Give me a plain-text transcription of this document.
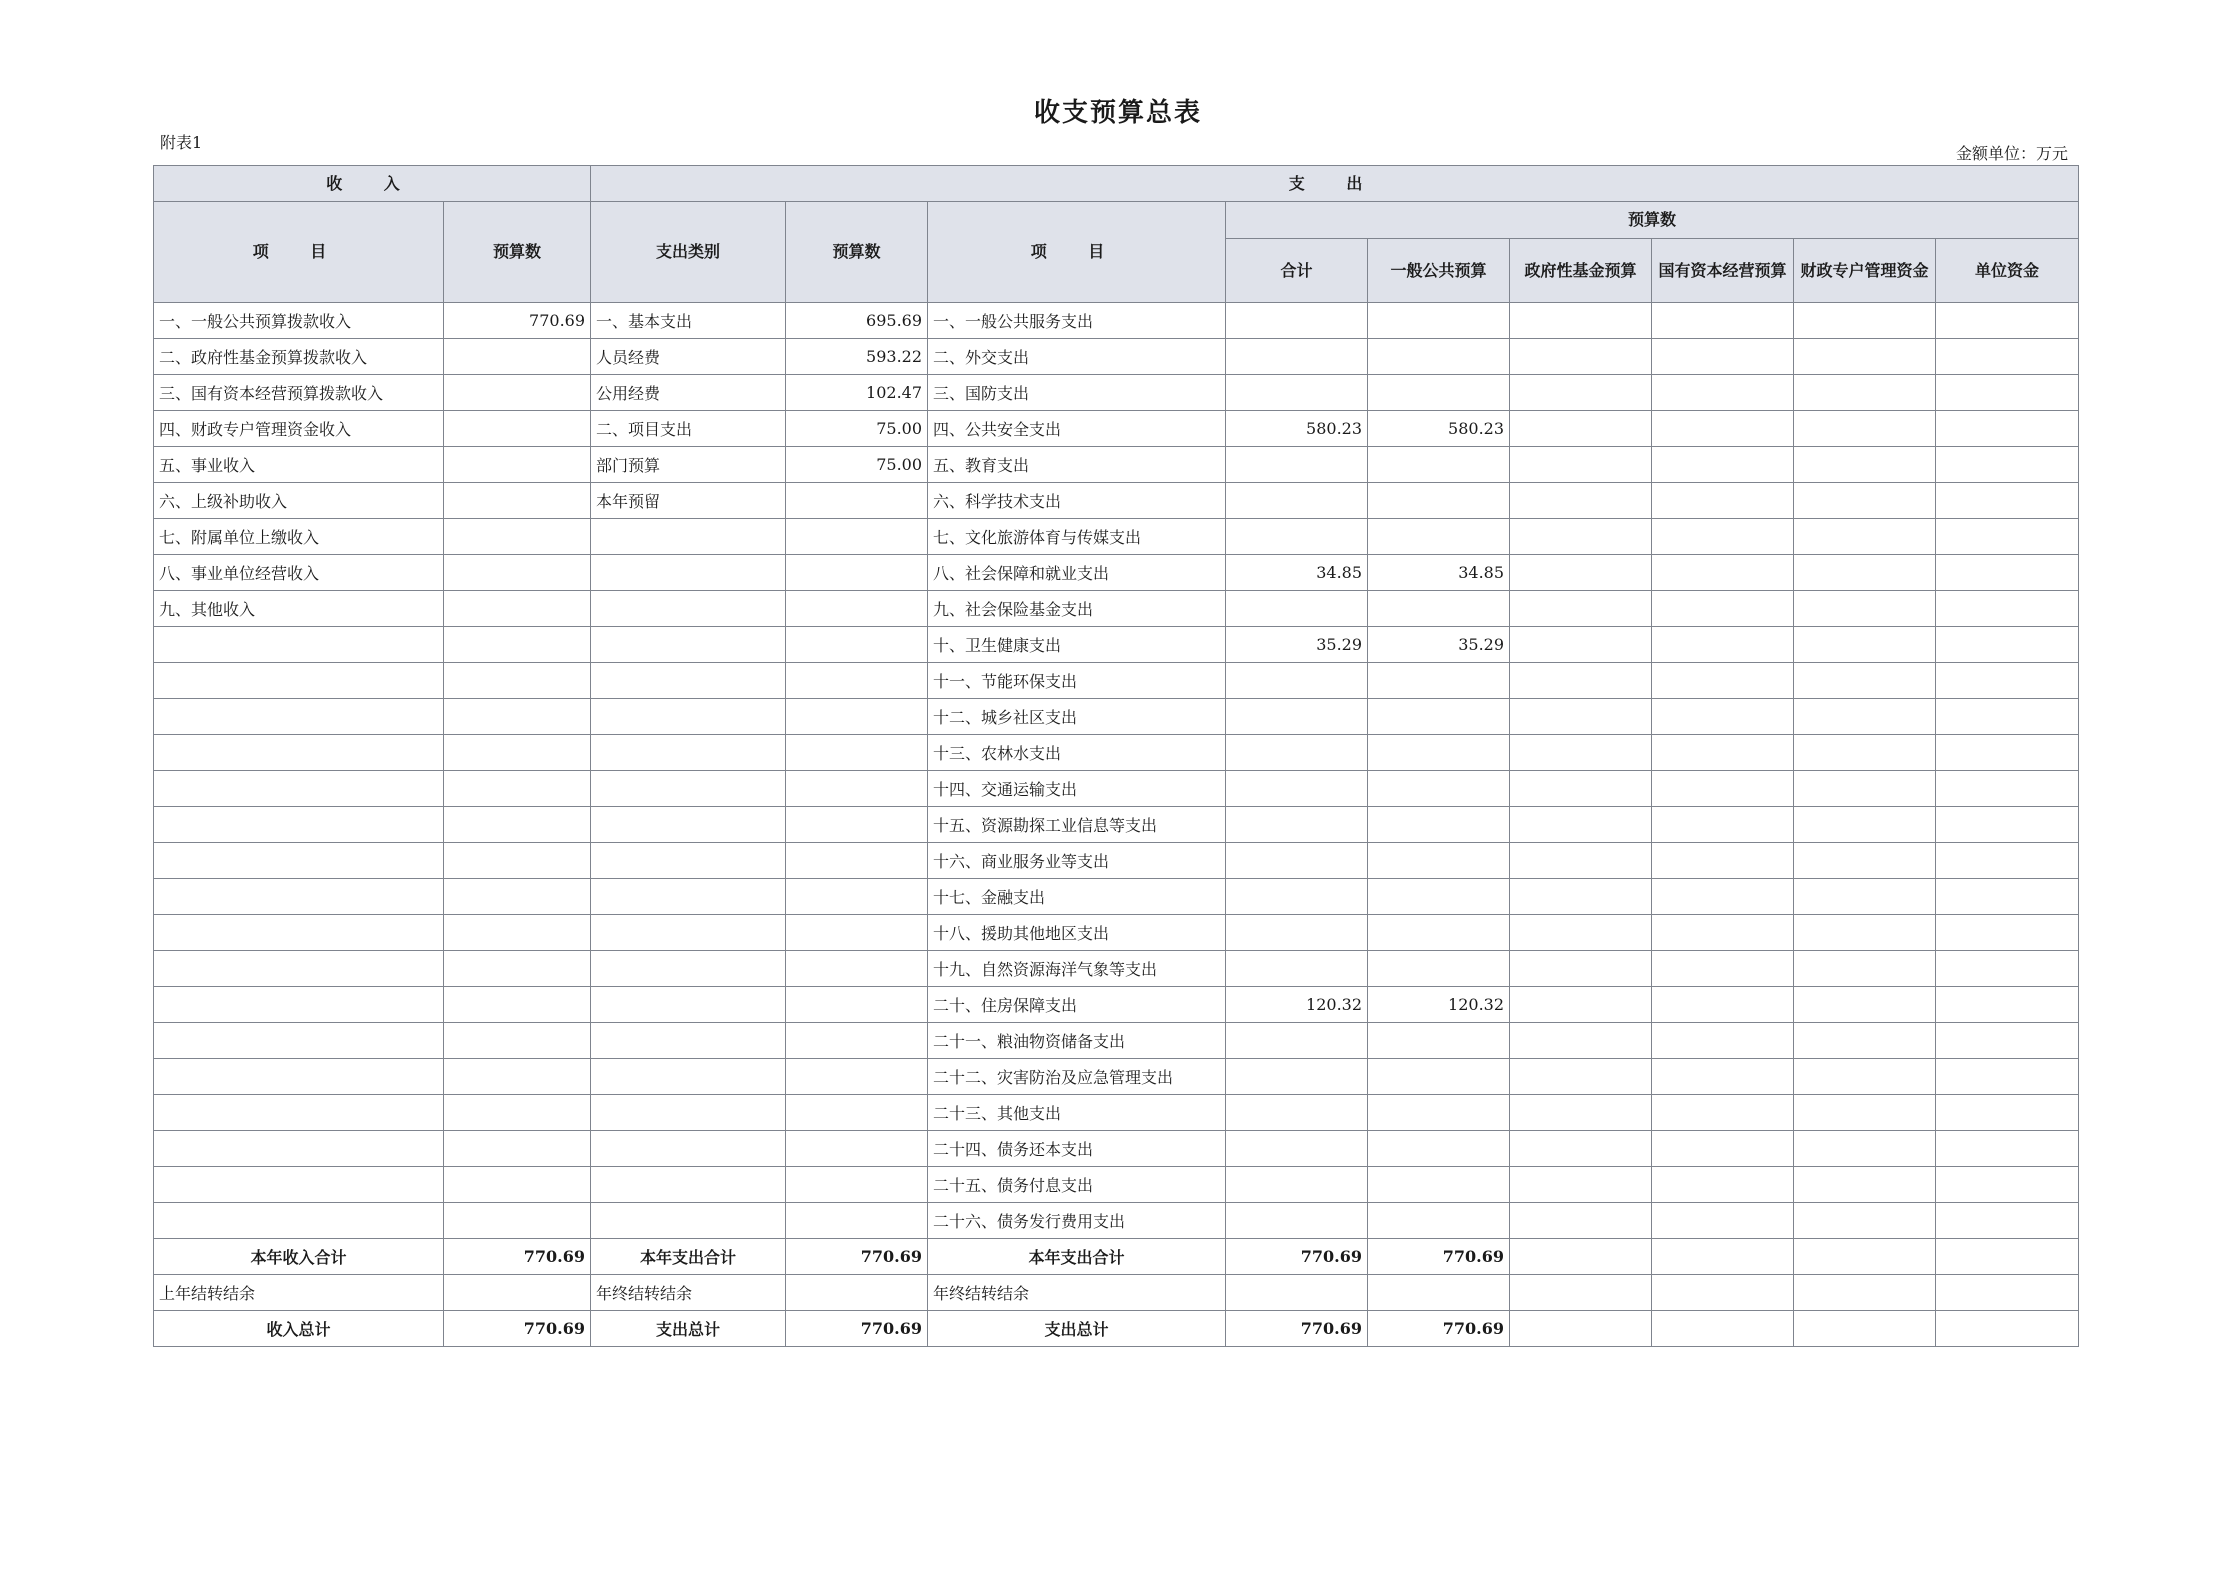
收支预算总表
附表1
金额单位：万元
收 入		支 出								
项 目	预算数	支出类别	预算数	项 目	预算数					
					合计	一般公共预算	政府性基金预算	国有资本经营预算	财政专户管理资金	单位资金
一、一般公共预算拨款收入	770.69	一、基本支出	695.69	一、一般公共服务支出						
二、政府性基金预算拨款收入		人员经费	593.22	二、外交支出						
三、国有资本经营预算拨款收入		公用经费	102.47	三、国防支出						
四、财政专户管理资金收入		二、项目支出	75.00	四、公共安全支出	580.23	580.23				
五、事业收入		部门预算	75.00	五、教育支出						
六、上级补助收入		本年预留		六、科学技术支出						
七、附属单位上缴收入				七、文化旅游体育与传媒支出						
八、事业单位经营收入				八、社会保障和就业支出	34.85	34.85				
九、其他收入				九、社会保险基金支出						
				十、卫生健康支出	35.29	35.29				
				十一、节能环保支出						
				十二、城乡社区支出						
				十三、农林水支出						
				十四、交通运输支出						
				十五、资源勘探工业信息等支出						
				十六、商业服务业等支出						
				十七、金融支出						
				十八、援助其他地区支出						
				十九、自然资源海洋气象等支出						
				二十、住房保障支出	120.32	120.32				
				二十一、粮油物资储备支出						
				二十二、灾害防治及应急管理支出						
				二十三、其他支出						
				二十四、债务还本支出						
				二十五、债务付息支出						
				二十六、债务发行费用支出						
本年收入合计	770.69	本年支出合计	770.69	本年支出合计	770.69	770.69				
上年结转结余		年终结转结余		年终结转结余						
收入总计	770.69	支出总计	770.69	支出总计	770.69	770.69				
